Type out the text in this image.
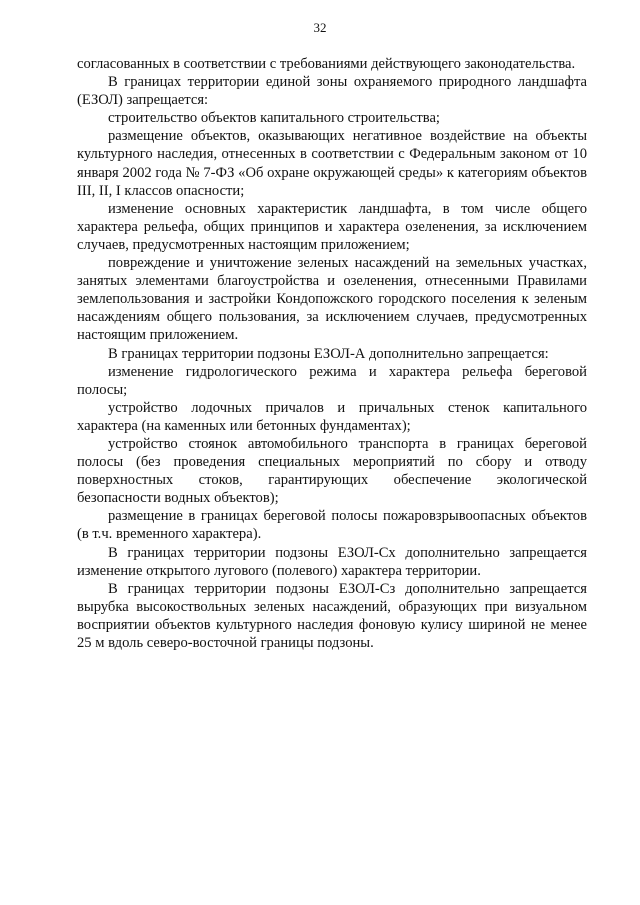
32

согласованных в соответствии с требованиями действующего законодательства.

В границах территории единой зоны охраняемого природного ландшафта (ЕЗОЛ) запрещается:

строительство объектов капитального строительства;

размещение объектов, оказывающих негативное воздействие на объекты культурного наследия, отнесенных в соответствии с Федеральным законом от 10 января 2002 года № 7-ФЗ «Об охране окружающей среды» к категориям объектов III, II, I классов опасности;

изменение основных характеристик ландшафта, в том числе общего характера рельефа, общих принципов и характера озеленения, за исключением случаев, предусмотренных настоящим приложением;

повреждение и уничтожение зеленых насаждений на земельных участках, занятых элементами благоустройства и озеленения, отнесенными Правилами землепользования и застройки Кондопожского городского поселения к зеленым насаждениям общего пользования, за исключением случаев, предусмотренных настоящим приложением.

В границах территории подзоны ЕЗОЛ-А дополнительно запрещается:

изменение гидрологического режима и характера рельефа береговой полосы;

устройство лодочных причалов и причальных стенок капитального характера (на каменных или бетонных фундаментах);

устройство стоянок автомобильного транспорта в границах береговой полосы (без проведения специальных мероприятий по сбору и отводу поверхностных стоков, гарантирующих обеспечение экологической безопасности водных объектов);

размещение в границах береговой полосы пожаровзрывоопасных объектов (в т.ч. временного характера).

В границах территории подзоны ЕЗОЛ-Сх дополнительно запрещается изменение открытого лугового (полевого) характера территории.

В границах территории подзоны ЕЗОЛ-Сз дополнительно запрещается вырубка высокоствольных зеленых насаждений, образующих при визуальном восприятии объектов культурного наследия фоновую кулису шириной не менее 25 м вдоль северо-восточной границы подзоны.
